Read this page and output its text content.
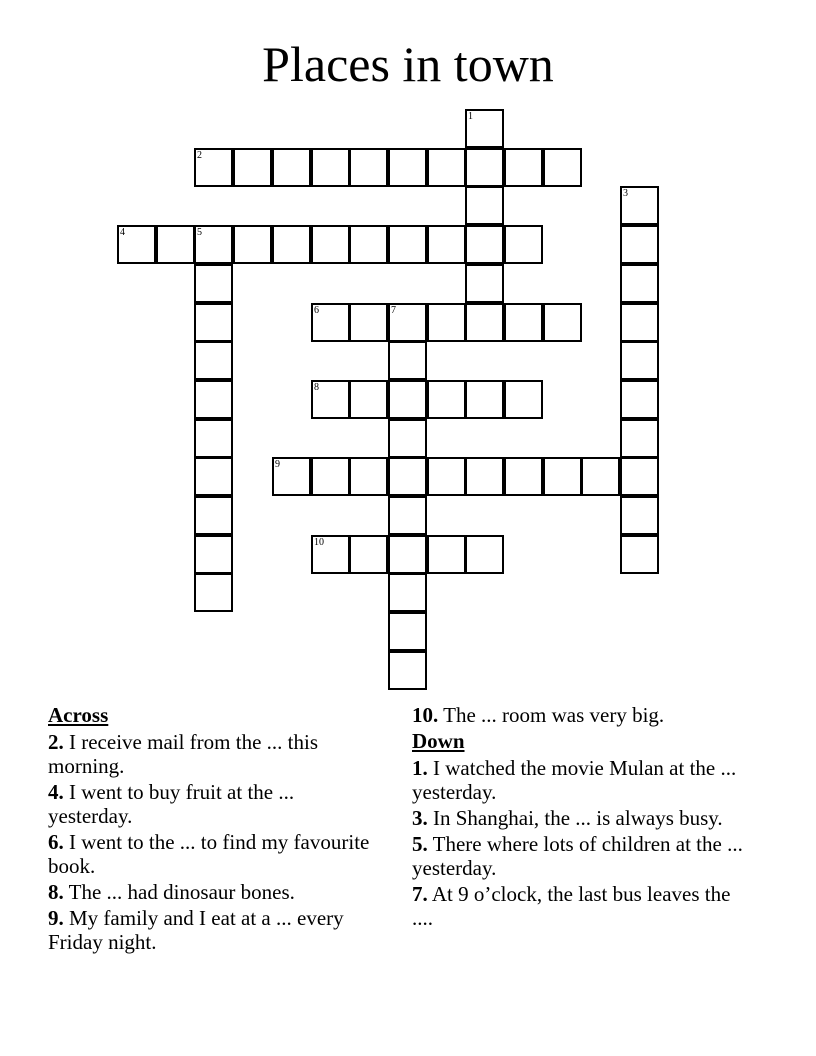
Places in town
1
2
3
4	5
6	7
8
9
10
Across
2. I receive mail from the ... this morning.
4. I went to buy fruit at the ... yesterday.
6. I went to the ... to find my favourite book.
8. The ... had dinosaur bones.
9. My family and I eat at a ... every Friday night.
10. The ... room was very big.
Down
1. I watched the movie Mulan at the ... yesterday.
3. In Shanghai, the ... is always busy.
5. There where lots of children at the ... yesterday.
7. At 9 o’clock, the last bus leaves the ....
